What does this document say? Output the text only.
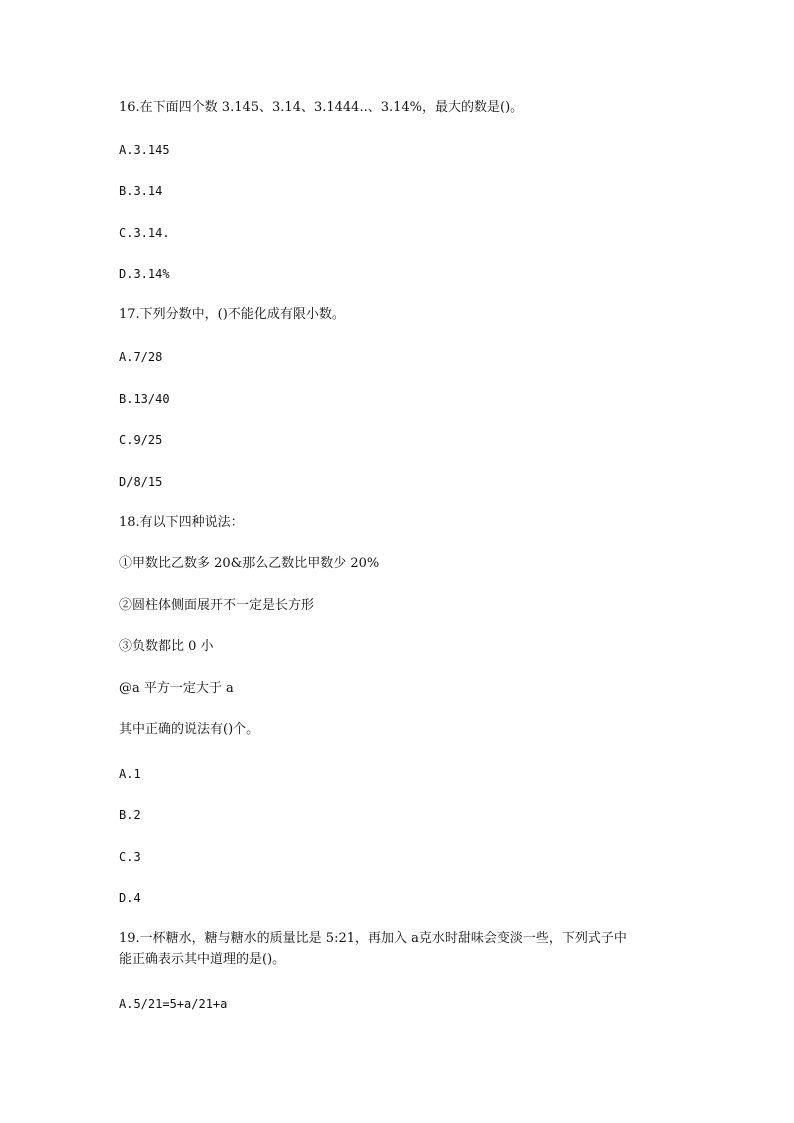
16.在下面四个数 3.145、3.14、3.1444..、3.14%，最大的数是()。
A.3.145
B.3.14
C.3.14.
D.3.14%
17.下列分数中，()不能化成有限小数。
A.7/28
B.13/40
C.9/25
D/8/15
18.有以下四种说法：
①甲数比乙数多 20&那么乙数比甲数少 20%
②圆柱体侧面展开不一定是长方形
③负数都比 0 小
@a 平方一定大于 a
其中正确的说法有()个。
A.1
B.2
C.3
D.4
19.一杯糖水，糖与糖水的质量比是 5:21，再加入 a克水时甜味会变淡一些，下列式子中
能正确表示其中道理的是()。
A.5/21=5+a/21+a
